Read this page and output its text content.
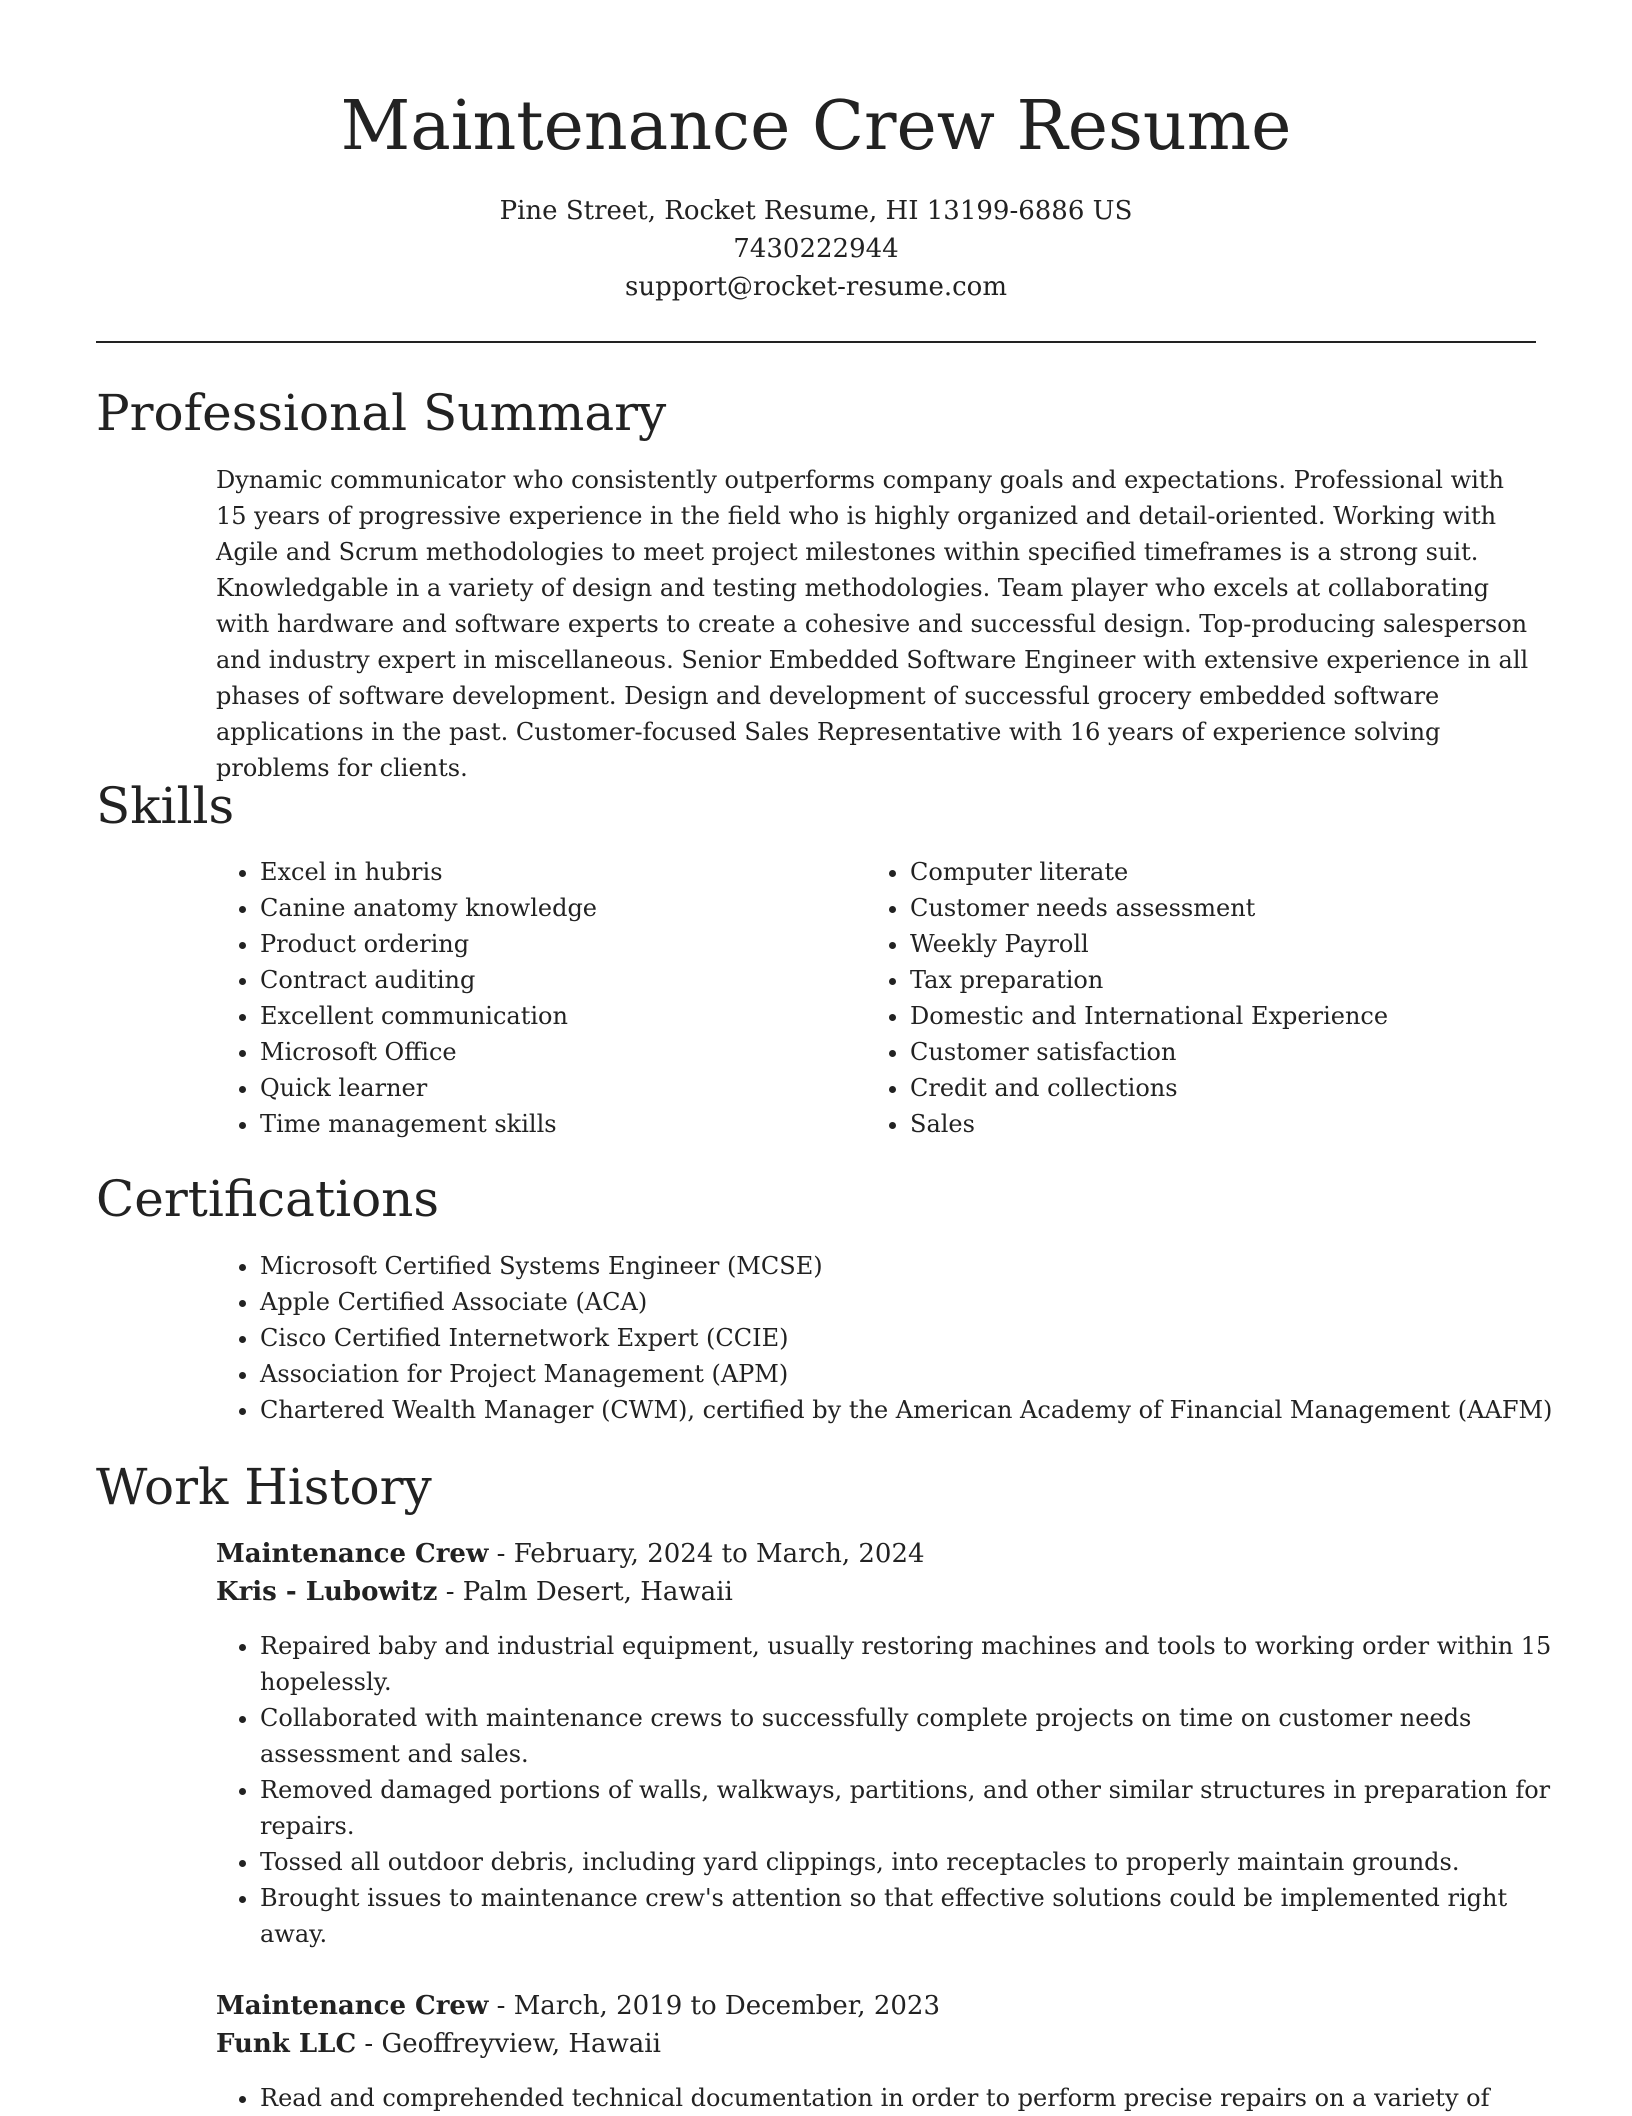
Maintenance Crew Resume
Pine Street, Rocket Resume, HI 13199-6886 US
7430222944
support@rocket-resume.com
Professional Summary

Dynamic communicator who consistently outperforms company goals and expectations. Professional with 15 years of progressive experience in the field who is highly organized and detail-oriented. Working with Agile and Scrum methodologies to meet project milestones within specified timeframes is a strong suit. Knowledgable in a variety of design and testing methodologies. Team player who excels at collaborating with hardware and software experts to create a cohesive and successful design. Top-producing salesperson and industry expert in miscellaneous. Senior Embedded Software Engineer with extensive experience in all phases of software development. Design and development of successful grocery embedded software applications in the past. Customer-focused Sales Representative with 16 years of experience solving problems for clients.

Skills
• Excel in hubris
• Canine anatomy knowledge
• Product ordering
• Contract auditing
• Excellent communication
• Microsoft Office
• Quick learner
• Time management skills
• Computer literate
• Customer needs assessment
• Weekly Payroll
• Tax preparation
• Domestic and International Experience
• Customer satisfaction
• Credit and collections
• Sales
Certifications
• Microsoft Certified Systems Engineer (MCSE)
• Apple Certified Associate (ACA)
• Cisco Certified Internetwork Expert (CCIE)
• Association for Project Management (APM)
• Chartered Wealth Manager (CWM), certified by the American Academy of Financial Management (AAFM)
Work History
Maintenance Crew - February, 2024 to March, 2024
Kris - Lubowitz - Palm Desert, Hawaii
• Repaired baby and industrial equipment, usually restoring machines and tools to working order within 15 hopelessly.
• Collaborated with maintenance crews to successfully complete projects on time on customer needs assessment and sales.
• Removed damaged portions of walls, walkways, partitions, and other similar structures in preparation for repairs.
• Tossed all outdoor debris, including yard clippings, into receptacles to properly maintain grounds.
• Brought issues to maintenance crew's attention so that effective solutions could be implemented right away.
Maintenance Crew - March, 2019 to December, 2023
Funk LLC - Geoffreyview, Hawaii
• Read and comprehended technical documentation in order to perform precise repairs on a variety of
